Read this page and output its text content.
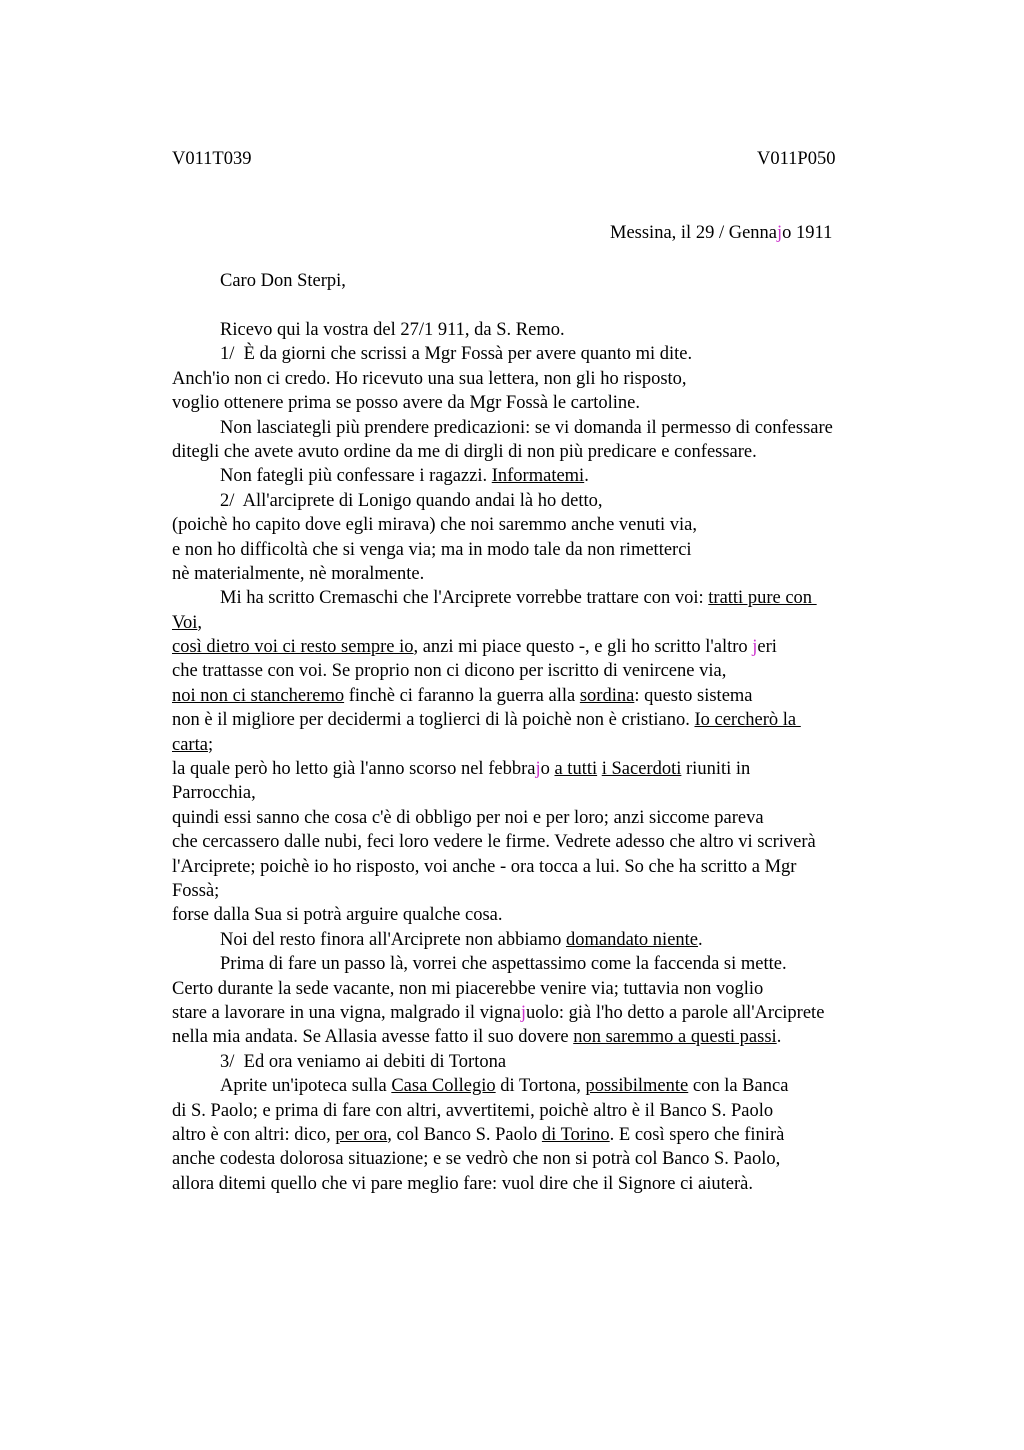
V011T039	V011P050
Messina, il 29 / Gennajo 1911
Caro Don Sterpi,
Ricevo qui la vostra del 27/1 911, da S. Remo.
1/  È da giorni che scrissi a Mgr Fossà per avere quanto mi dite.
Anch'io non ci credo. Ho ricevuto una sua lettera, non gli ho risposto,
voglio ottenere prima se posso avere da Mgr Fossà le cartoline.
Non lasciategli più prendere predicazioni: se vi domanda il permesso di confessare
ditegli che avete avuto ordine da me di dirgli di non più predicare e confessare.
Non fategli più confessare i ragazzi. Informatemi.
2/  All'arciprete di Lonigo quando andai là ho detto,
(poichè ho capito dove egli mirava) che noi saremmo anche venuti via,
e non ho difficoltà che si venga via; ma in modo tale da non rimetterci
nè materialmente, nè moralmente.
Mi ha scritto Cremaschi che l'Arciprete vorrebbe trattare con voi: tratti pure con
Voi,
così dietro voi ci resto sempre io, anzi mi piace questo -, e gli ho scritto l'altro jeri
che trattasse con voi. Se proprio non ci dicono per iscritto di venircene via,
noi non ci stancheremo finchè ci faranno la guerra alla sordina: questo sistema
non è il migliore per decidermi a toglierci di là poichè non è cristiano. Io cercherò la
carta;
la quale però ho letto già l'anno scorso nel febbrajo a tutti i Sacerdoti riuniti in
Parrocchia,
quindi essi sanno che cosa c'è di obbligo per noi e per loro; anzi siccome pareva
che cercassero dalle nubi, feci loro vedere le firme. Vedrete adesso che altro vi scriverà
l'Arciprete; poichè io ho risposto, voi anche - ora tocca a lui. So che ha scritto a Mgr
Fossà;
forse dalla Sua si potrà arguire qualche cosa.
Noi del resto finora all'Arciprete non abbiamo domandato niente.
Prima di fare un passo là, vorrei che aspettassimo come la faccenda si mette.
Certo durante la sede vacante, non mi piacerebbe venire via; tuttavia non voglio
stare a lavorare in una vigna, malgrado il vignajuolo: già l'ho detto a parole all'Arciprete
nella mia andata. Se Allasia avesse fatto il suo dovere non saremmo a questi passi.
3/  Ed ora veniamo ai debiti di Tortona
Aprite un'ipoteca sulla Casa Collegio di Tortona, possibilmente con la Banca
di S. Paolo; e prima di fare con altri, avvertitemi, poichè altro è il Banco S. Paolo
altro è con altri: dico, per ora, col Banco S. Paolo di Torino. E così spero che finirà
anche codesta dolorosa situazione; e se vedrò che non si potrà col Banco S. Paolo,
allora ditemi quello che vi pare meglio fare: vuol dire che il Signore ci aiuterà.
